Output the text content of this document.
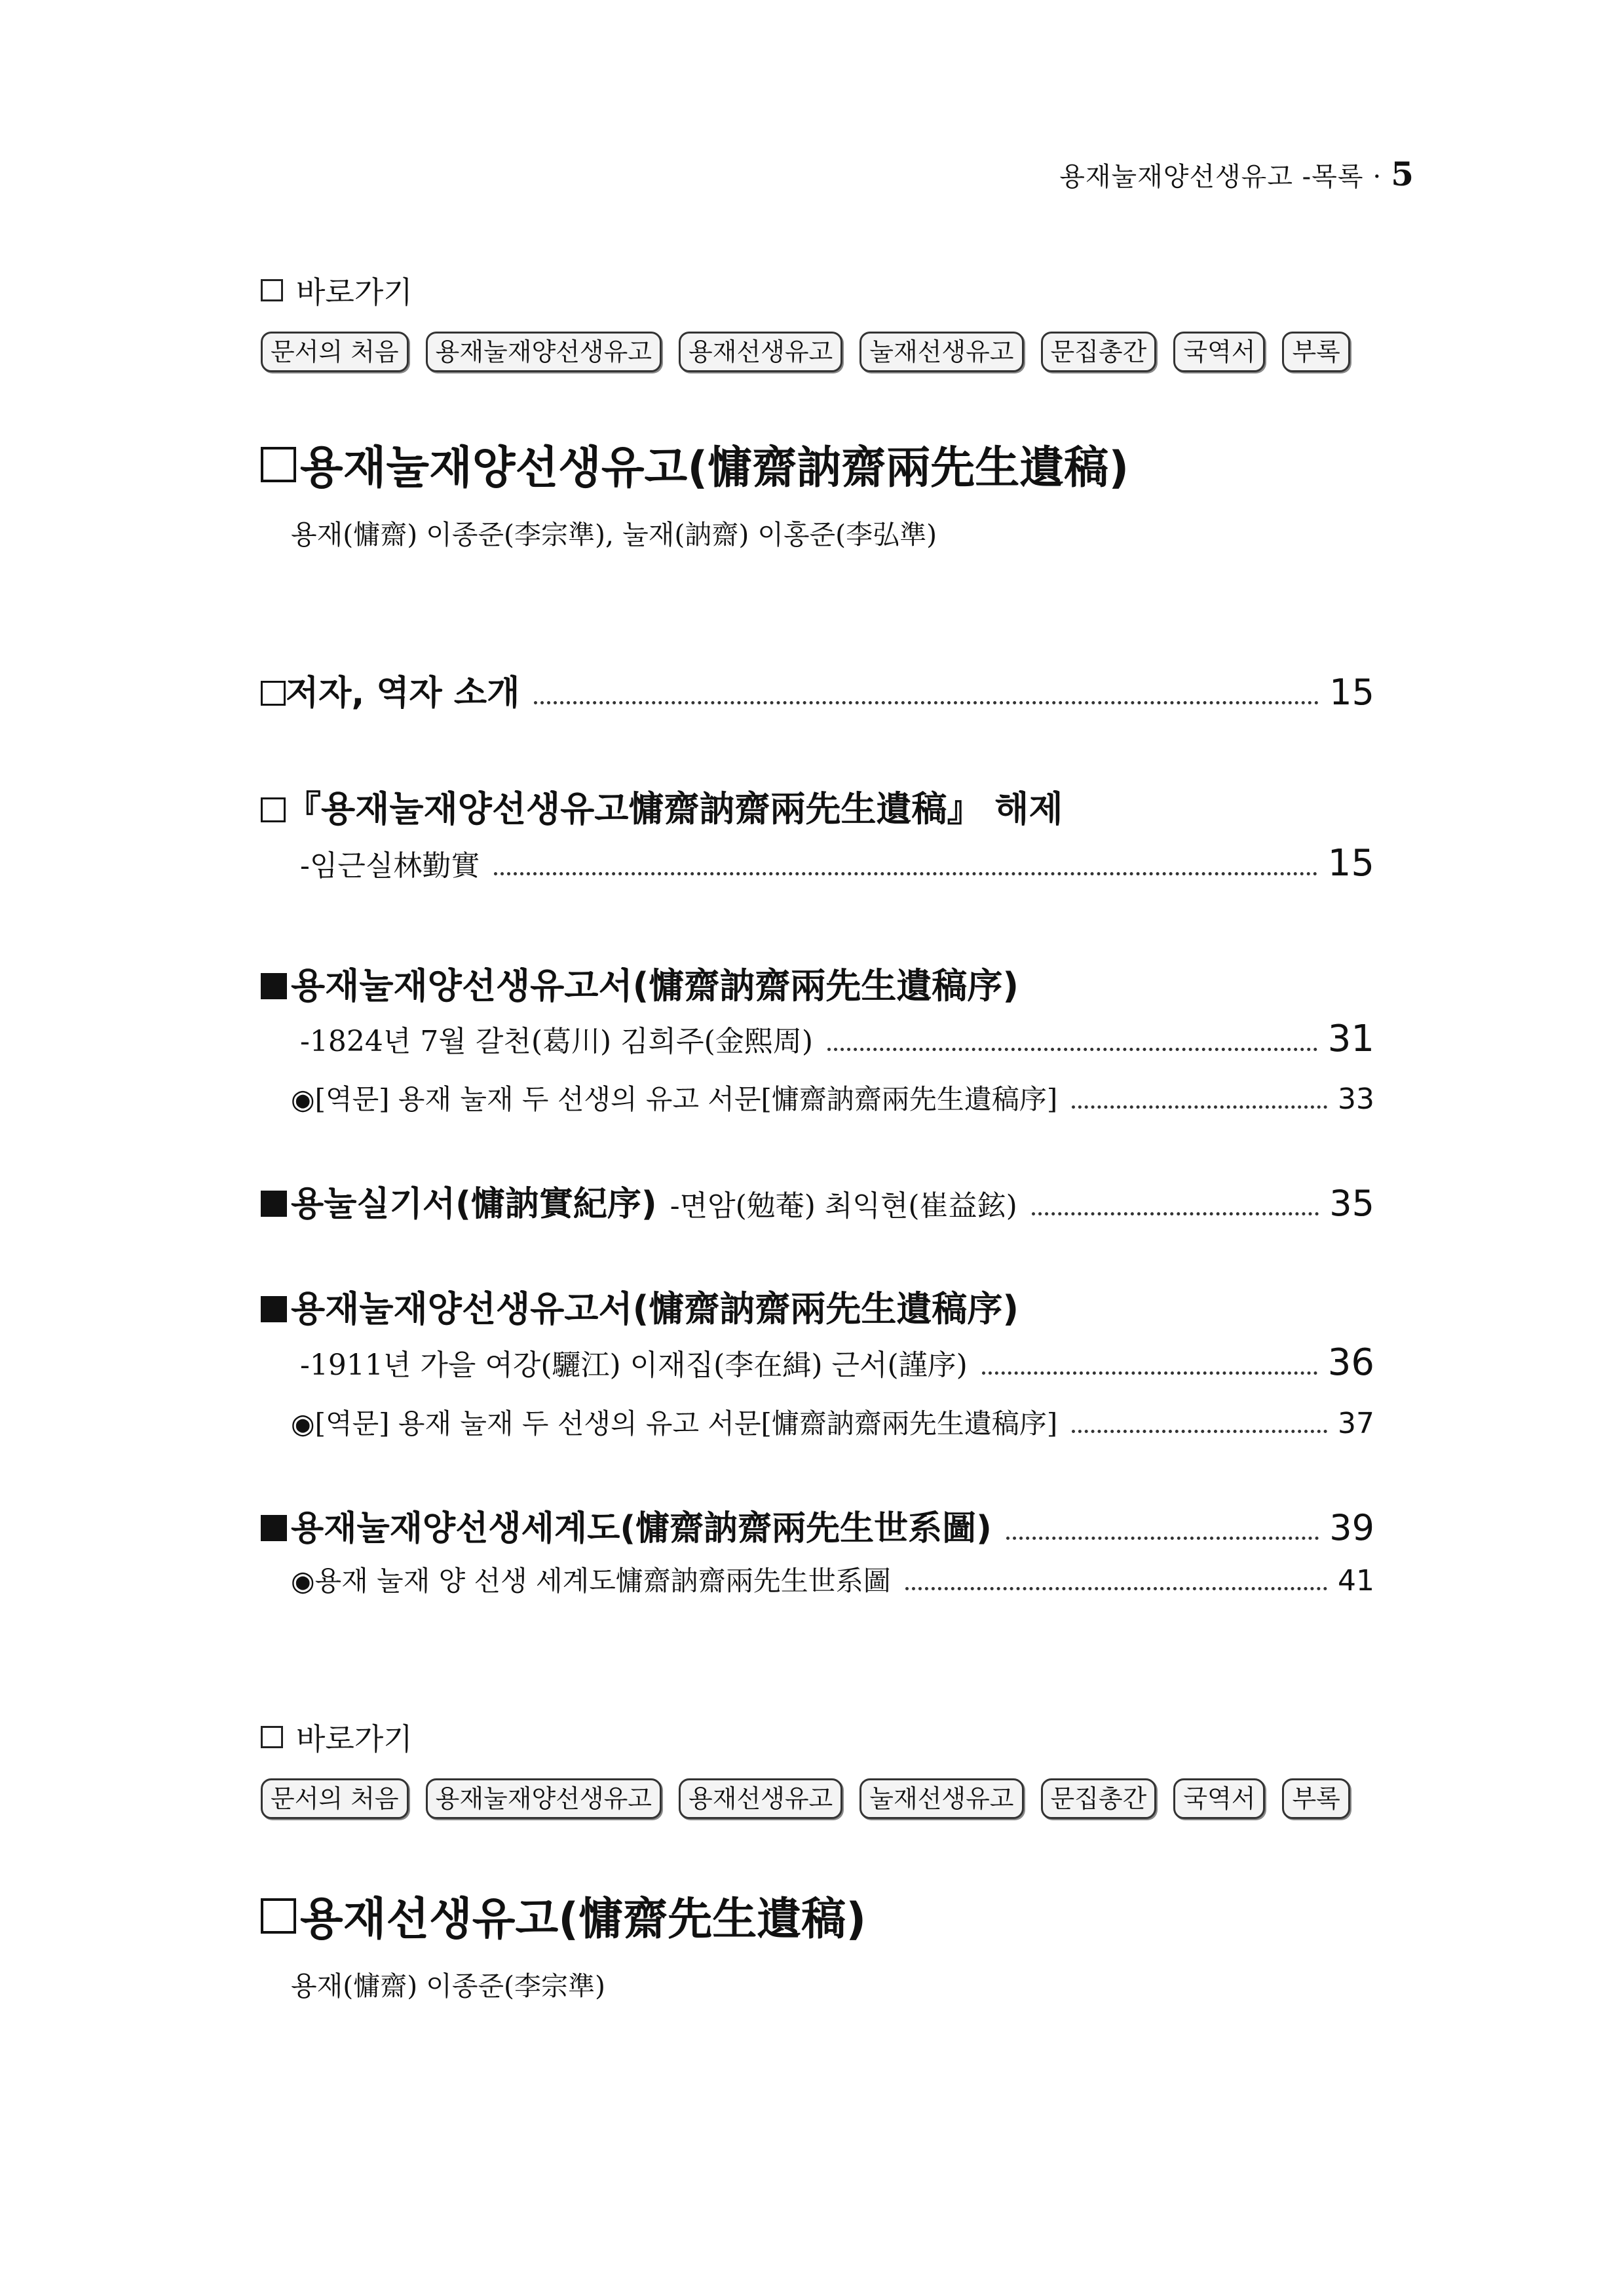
용재눌재양선생유고 -목록 · 5
바로가기
문서의 처음	용재눌재양선생유고	용재선생유고	눌재선생유고	문집총간	국역서	부록
용재눌재양선생유고(慵齋訥齋兩先生遺稿)
용재(慵齋) 이종준(李宗準), 눌재(訥齋) 이홍준(李弘準)
저자, 역자 소개	15
『용재눌재양선생유고慵齋訥齋兩先生遺稿』 해제
-임근실林勤實	15
용재눌재양선생유고서(慵齋訥齋兩先生遺稿序)
-1824년 7월 갈천(葛川) 김희주(金熙周)	31
◉[역문] 용재 눌재 두 선생의 유고 서문[慵齋訥齋兩先生遺稿序]	33
용눌실기서(慵訥實紀序) -면암(勉菴) 최익현(崔益鉉)	35
용재눌재양선생유고서(慵齋訥齋兩先生遺稿序)
-1911년 가을 여강(驪江) 이재집(李在緝) 근서(謹序)	36
◉[역문] 용재 눌재 두 선생의 유고 서문[慵齋訥齋兩先生遺稿序]	37
용재눌재양선생세계도(慵齋訥齋兩先生世系圖)	39
◉용재 눌재 양 선생 세계도慵齋訥齋兩先生世系圖	41
바로가기
문서의 처음	용재눌재양선생유고	용재선생유고	눌재선생유고	문집총간	국역서	부록
용재선생유고(慵齋先生遺稿)
용재(慵齋) 이종준(李宗準)
